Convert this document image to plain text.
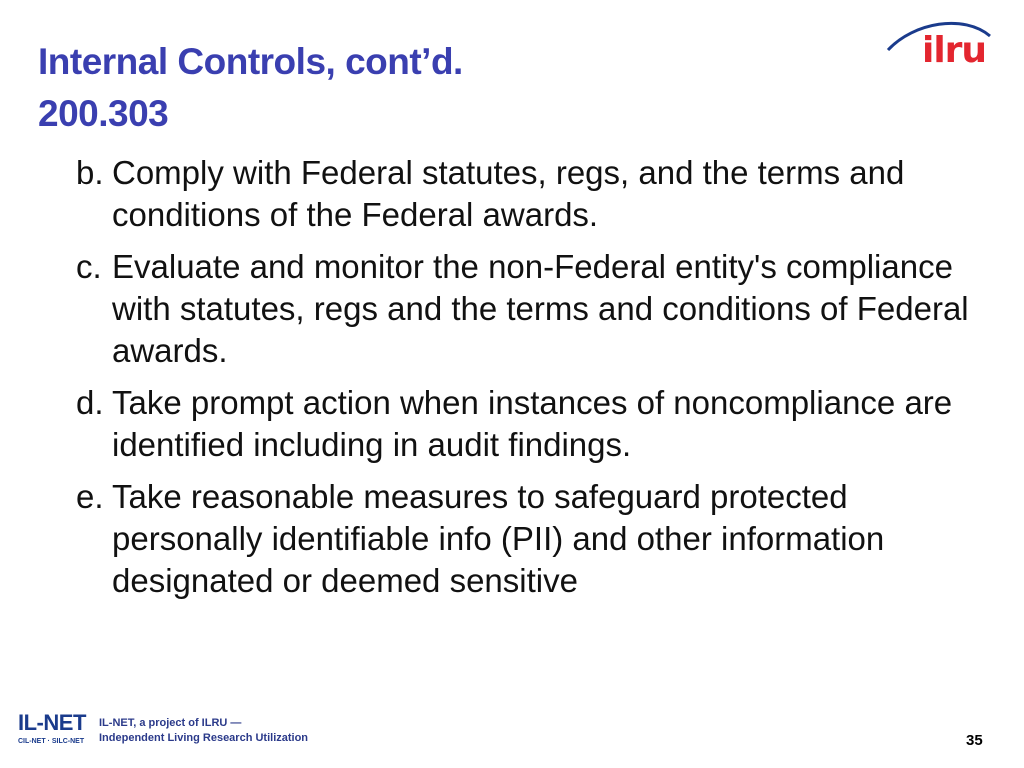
Internal Controls, cont’d.
200.303
ilru
b. Comply with Federal statutes, regs, and the terms and conditions of the Federal awards.
c. Evaluate and monitor the non-Federal entity's compliance with statutes, regs and the terms and conditions of Federal awards.
d. Take prompt action when instances of noncompliance are identified including in audit findings.
e. Take reasonable measures to safeguard protected personally identifiable info (PII) and other information designated or deemed sensitive
IL-NET
CIL-NET · SILC-NET
IL-NET, a project of ILRU —
Independent Living Research Utilization	35
